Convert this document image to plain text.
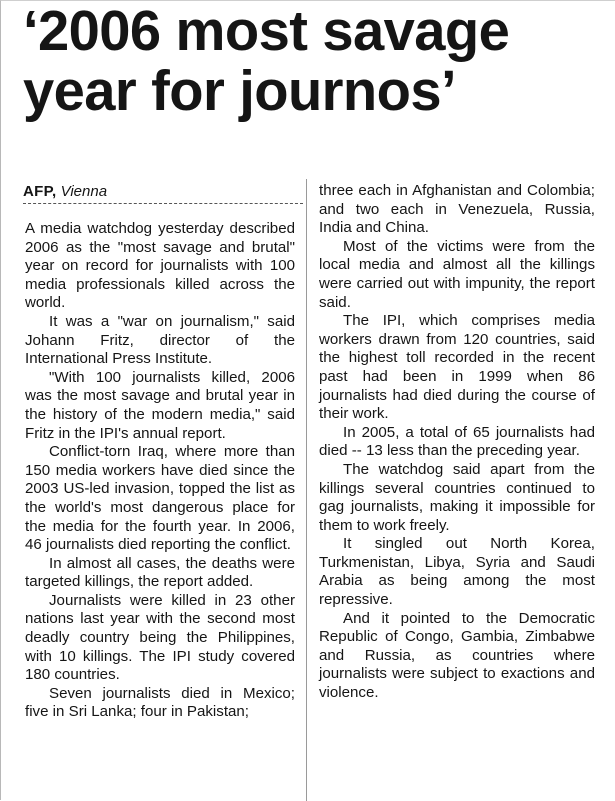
‘2006 most savage
year for journos’

AFP, Vienna

A media watchdog yesterday described 2006 as the "most savage and brutal" year on record for journalists with 100 media professionals killed across the world.

It was a "war on journalism," said Johann Fritz, director of the International Press Institute.

"With 100 journalists killed, 2006 was the most savage and brutal year in the history of the modern media," said Fritz in the IPI's annual report.

Conflict-torn Iraq, where more than 150 media workers have died since the 2003 US-led invasion, topped the list as the world's most dangerous place for the media for the fourth year. In 2006, 46 journalists died reporting the conflict.

In almost all cases, the deaths were targeted killings, the report added.

Journalists were killed in 23 other nations last year with the second most deadly country being the Philippines, with 10 killings. The IPI study covered 180 countries.

Seven journalists died in Mexico; five in Sri Lanka; four in Pakistan;

three each in Afghanistan and Colombia; and two each in Venezuela, Russia, India and China.

Most of the victims were from the local media and almost all the killings were carried out with impunity, the report said.

The IPI, which comprises media workers drawn from 120 countries, said the highest toll recorded in the recent past had been in 1999 when 86 journalists had died during the course of their work.

In 2005, a total of 65 journalists had died -- 13 less than the preceding year.

The watchdog said apart from the killings several countries continued to gag journalists, making it impossible for them to work freely.

It singled out North Korea, Turkmenistan, Libya, Syria and Saudi Arabia as being among the most repressive.

And it pointed to the Democratic Republic of Congo, Gambia, Zimbabwe and Russia, as countries where journalists were subject to exactions and violence.
